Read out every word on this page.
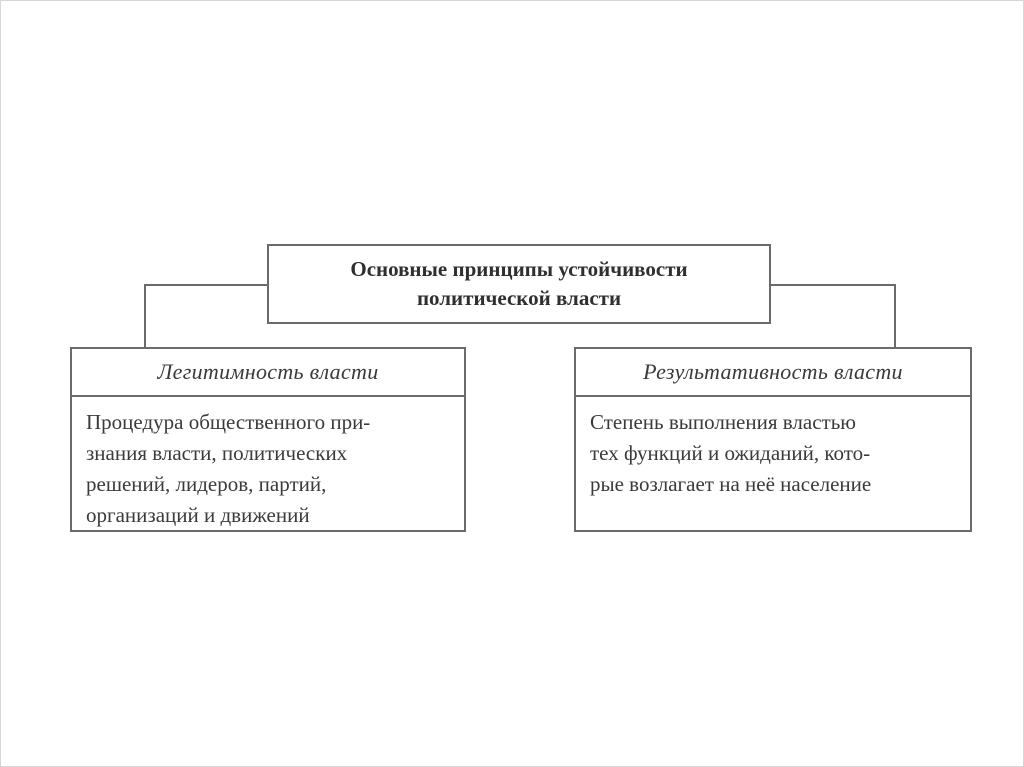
Основные принципы устойчивости
политической власти
Легитимность власти
Процедура общественного при-
знания власти, политических
решений, лидеров, партий,
организаций и движений
Результативность власти
Степень выполнения властью
тех функций и ожиданий, кото-
рые возлагает на неё население
